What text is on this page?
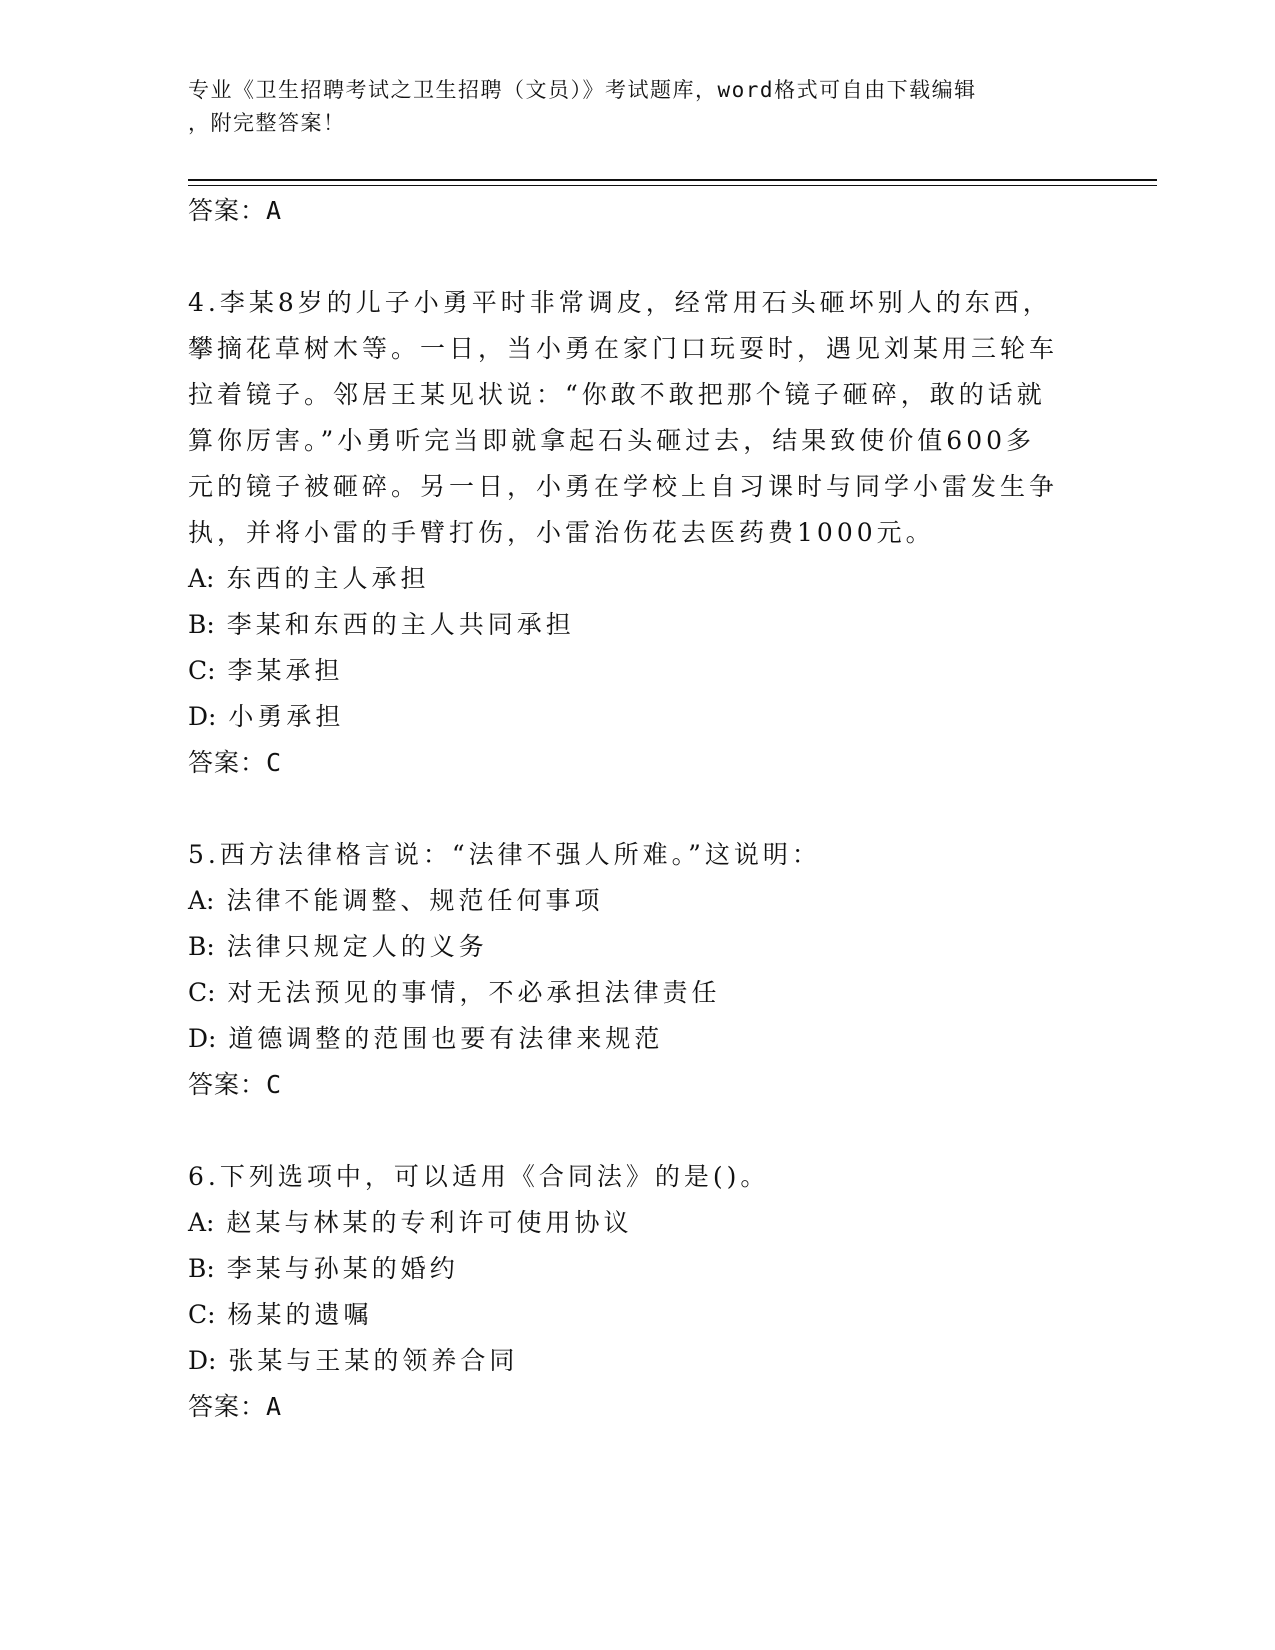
专业《卫生招聘考试之卫生招聘（文员）》考试题库，word格式可自由下载编辑
，附完整答案！
答案：A
4.李某8岁的儿子小勇平时非常调皮，经常用石头砸坏别人的东西，
攀摘花草树木等。一日，当小勇在家门口玩耍时，遇见刘某用三轮车
拉着镜子。邻居王某见状说：“你敢不敢把那个镜子砸碎，敢的话就
算你厉害。”小勇听完当即就拿起石头砸过去，结果致使价值600多
元的镜子被砸碎。另一日，小勇在学校上自习课时与同学小雷发生争
执，并将小雷的手臂打伤，小雷治伤花去医药费1000元。
A: 东西的主人承担
B: 李某和东西的主人共同承担
C: 李某承担
D: 小勇承担
答案：C
5.西方法律格言说：“法律不强人所难。”这说明：
A: 法律不能调整、规范任何事项
B: 法律只规定人的义务
C: 对无法预见的事情，不必承担法律责任
D: 道德调整的范围也要有法律来规范
答案：C
6.下列选项中，可以适用《合同法》的是()。
A: 赵某与林某的专利许可使用协议
B: 李某与孙某的婚约
C: 杨某的遗嘱
D: 张某与王某的领养合同
答案：A
